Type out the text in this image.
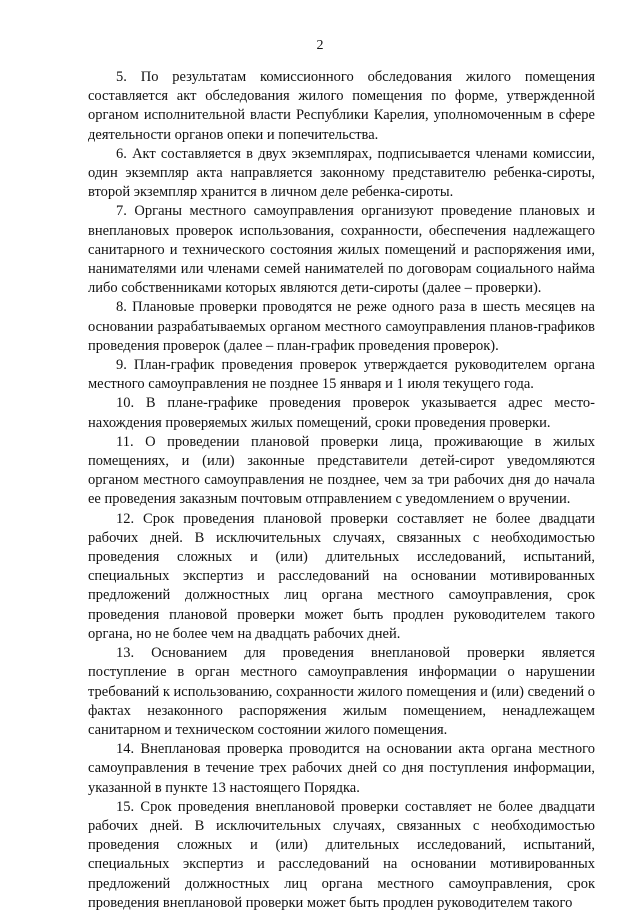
2

5. По результатам комиссионного обследования жилого помещения составляется акт обследования жилого помещения по форме, утвержденной органом исполнительной власти Республики Карелия, уполномоченным в сфере деятельности органов опеки и попечительства.

6. Акт составляется в двух экземплярах, подписывается членами комиссии, один экземпляр акта направляется законному представителю ребенка-сироты, второй экземпляр хранится в личном деле ребенка-сироты.

7. Органы местного самоуправления организуют проведение плановых и внеплановых проверок использования, сохранности, обеспечения надлежащего санитарного и технического состояния жилых помещений и распоряжения ими, нанимателями или членами семей нанимателей по договорам социального найма либо собственниками которых являются дети-сироты (далее – проверки).

8. Плановые проверки проводятся не реже одного раза в шесть месяцев на основании разрабатываемых органом местного самоуправления планов-графиков проведения проверок (далее – план-график проведения проверок).

9. План-график проведения проверок утверждается руководителем органа местного самоуправления не позднее 15 января и 1 июля текущего года.

10. В плане-графике проведения проверок указывается адрес место-нахождения проверяемых жилых помещений, сроки проведения проверки.

11. О проведении плановой проверки лица, проживающие в жилых помещениях, и (или) законные представители детей-сирот уведомляются органом местного самоуправления не позднее, чем за три рабочих дня до начала ее проведения заказным почтовым отправлением с уведомлением о вручении.

12. Срок проведения плановой проверки составляет не более двадцати рабочих дней. В исключительных случаях, связанных с необходимостью проведения сложных и (или) длительных исследований, испытаний, специальных экспертиз и расследований на основании мотивированных предложений должностных лиц органа местного самоуправления, срок проведения плановой проверки может быть продлен руководителем такого органа, но не более чем на двадцать рабочих дней.

13. Основанием для проведения внеплановой проверки является поступление в орган местного самоуправления информации о нарушении требований к использованию, сохранности жилого помещения и (или) сведений о фактах незаконного распоряжения жилым помещением, ненадлежащем санитарном и техническом состоянии жилого помещения.

14. Внеплановая проверка проводится на основании акта органа местного самоуправления в течение трех рабочих дней со дня поступления информации, указанной в пункте 13 настоящего Порядка.

15. Срок проведения внеплановой проверки составляет не более двадцати рабочих дней. В исключительных случаях, связанных с необходимостью проведения сложных и (или) длительных исследований, испытаний, специальных экспертиз и расследований на основании мотивированных предложений должностных лиц органа местного самоуправления, срок проведения внеплановой проверки может быть продлен руководителем такого
